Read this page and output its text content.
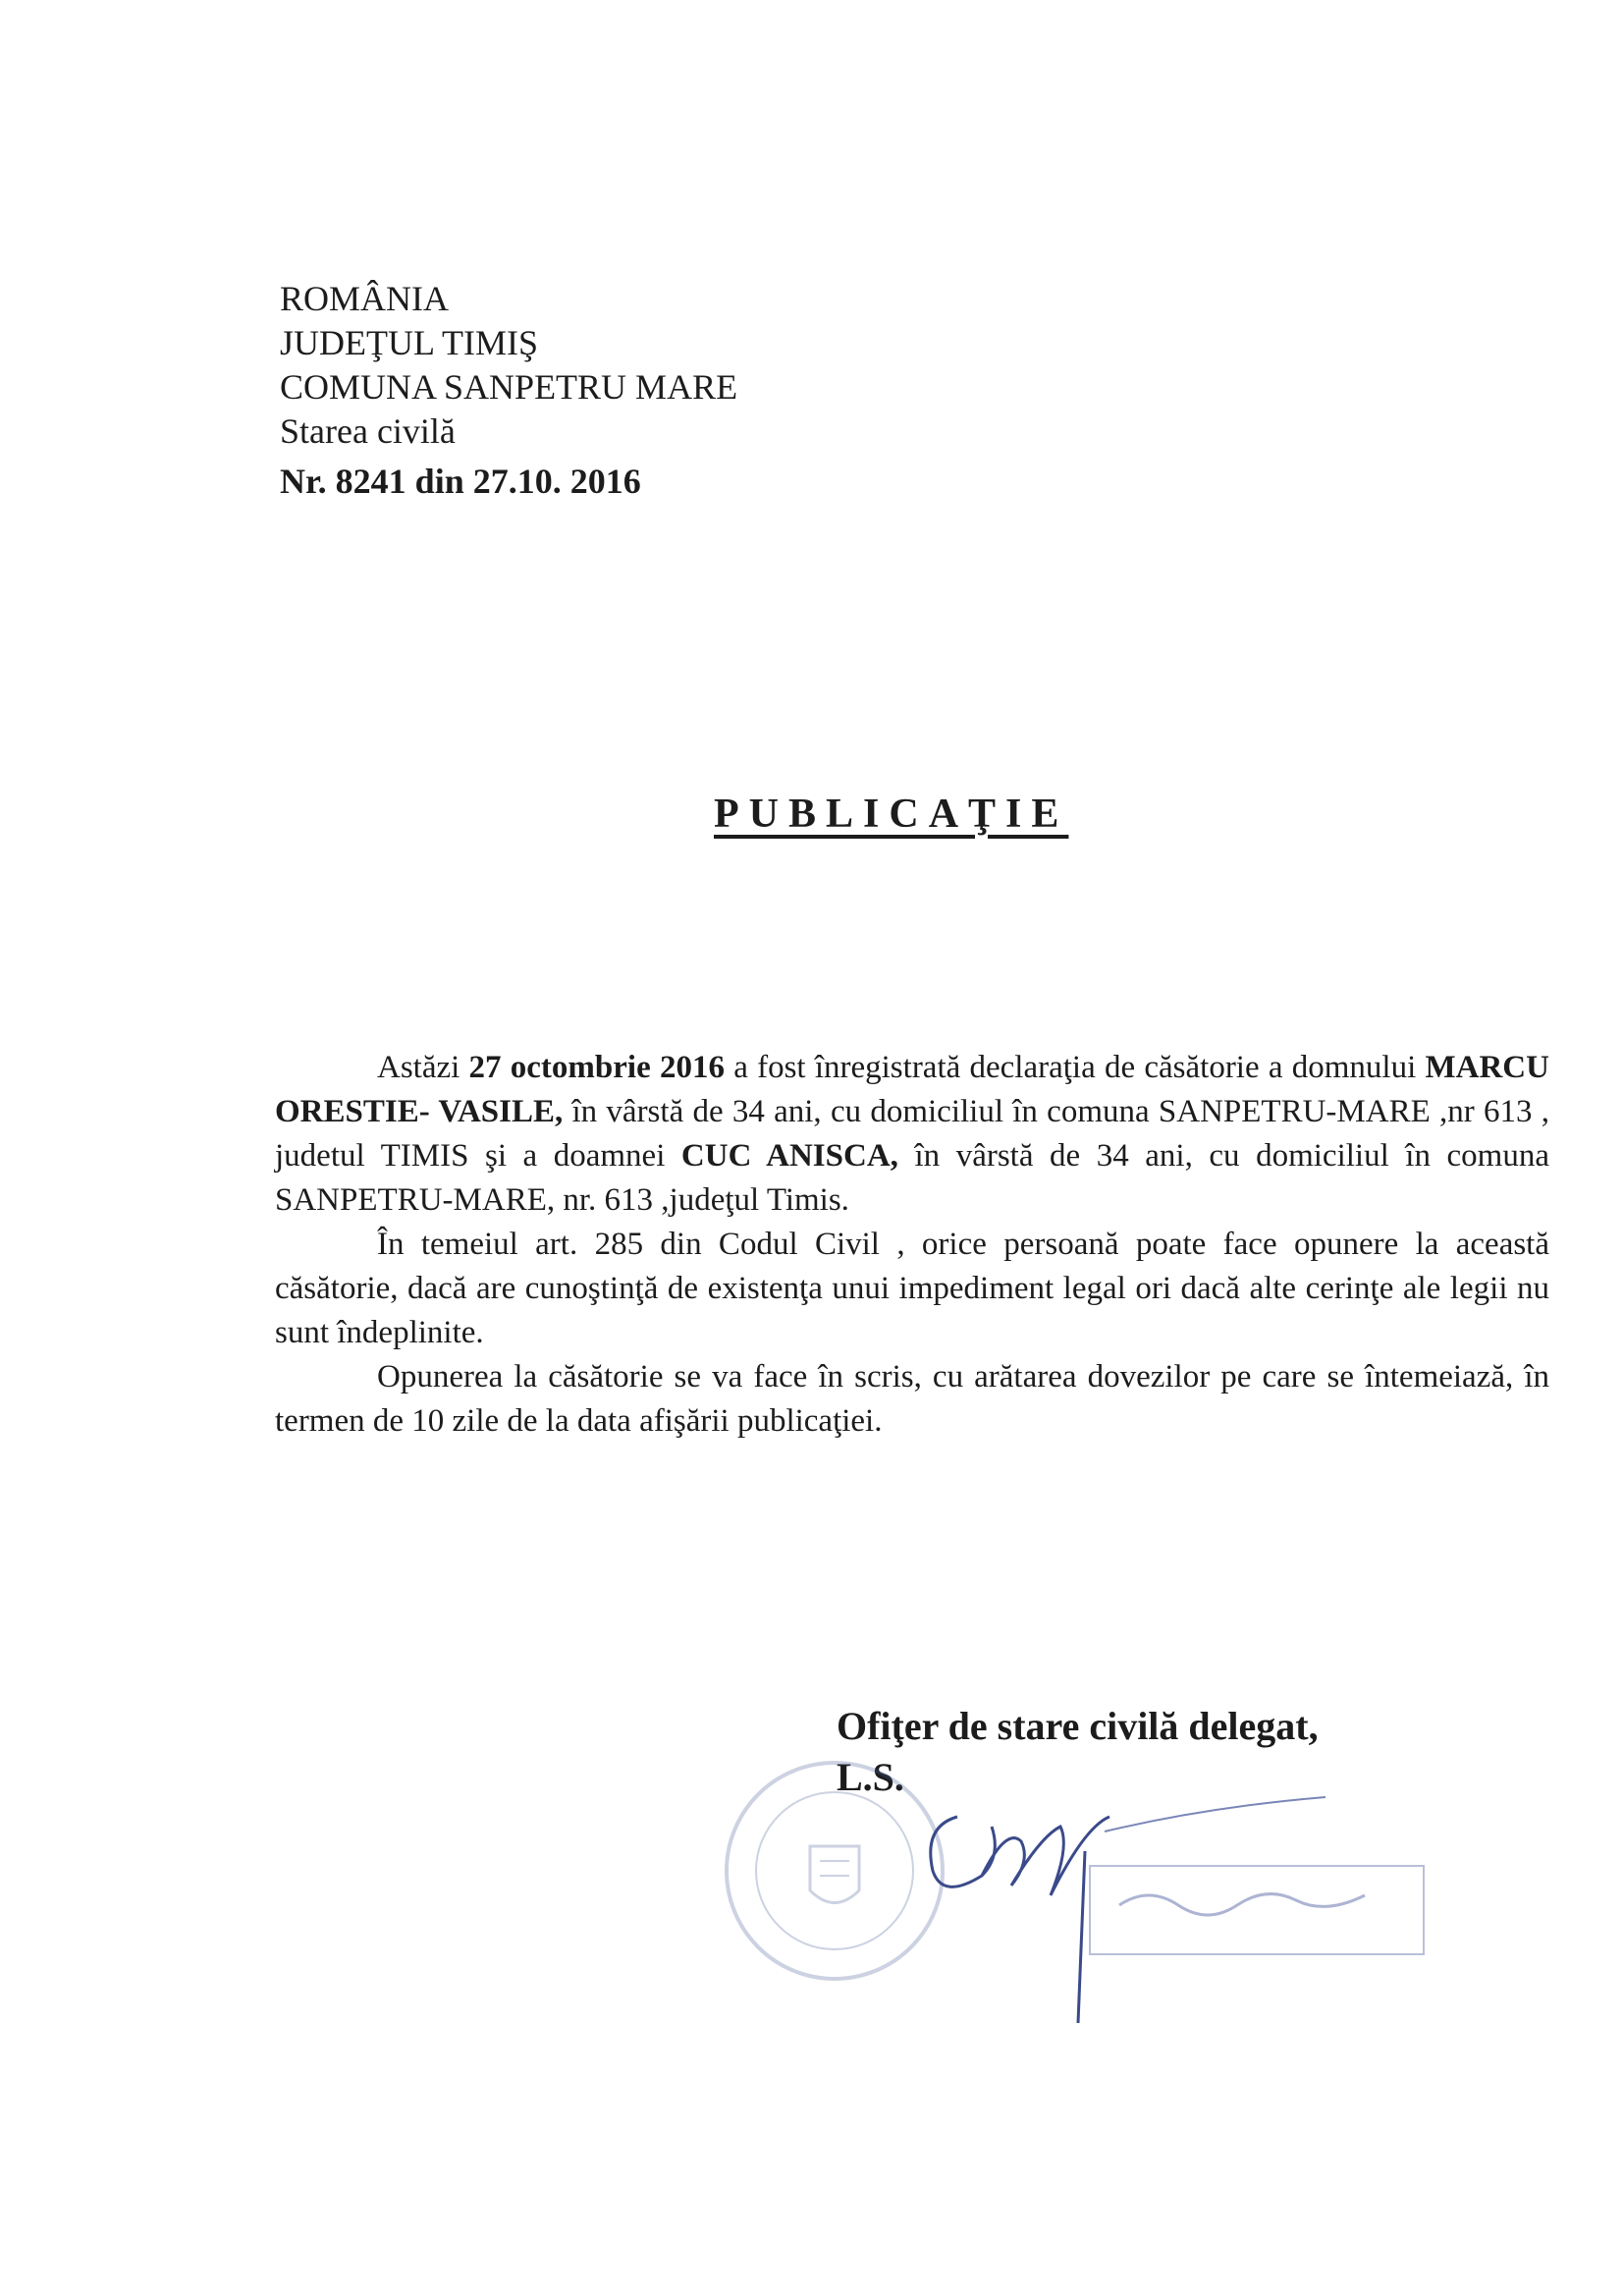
ROMÂNIA
JUDEŢUL TIMIŞ
COMUNA SANPETRU MARE
Starea civilă
Nr. 8241 din 27.10. 2016
PUBLICAŢIE

Astăzi 27 octombrie 2016 a fost înregistrată declaraţia de căsătorie a domnului MARCU ORESTIE- VASILE, în vârstă de 34 ani, cu domiciliul în comuna SANPETRU-MARE ,nr 613 , judetul TIMIS şi a doamnei CUC ANISCA, în vârstă de 34 ani, cu domiciliul în comuna SANPETRU-MARE, nr. 613 ,judeţul Timis.

În temeiul art. 285 din Codul Civil , orice persoană poate face opunere la această căsătorie, dacă are cunoştinţă de existenţa unui impediment legal ori dacă alte cerinţe ale legii nu sunt îndeplinite.

Opunerea la căsătorie se va face în scris, cu arătarea dovezilor pe care se întemeiază, în termen de 10 zile de la data afişării publicaţiei.

Ofiţer de stare civilă delegat,
L.S.
